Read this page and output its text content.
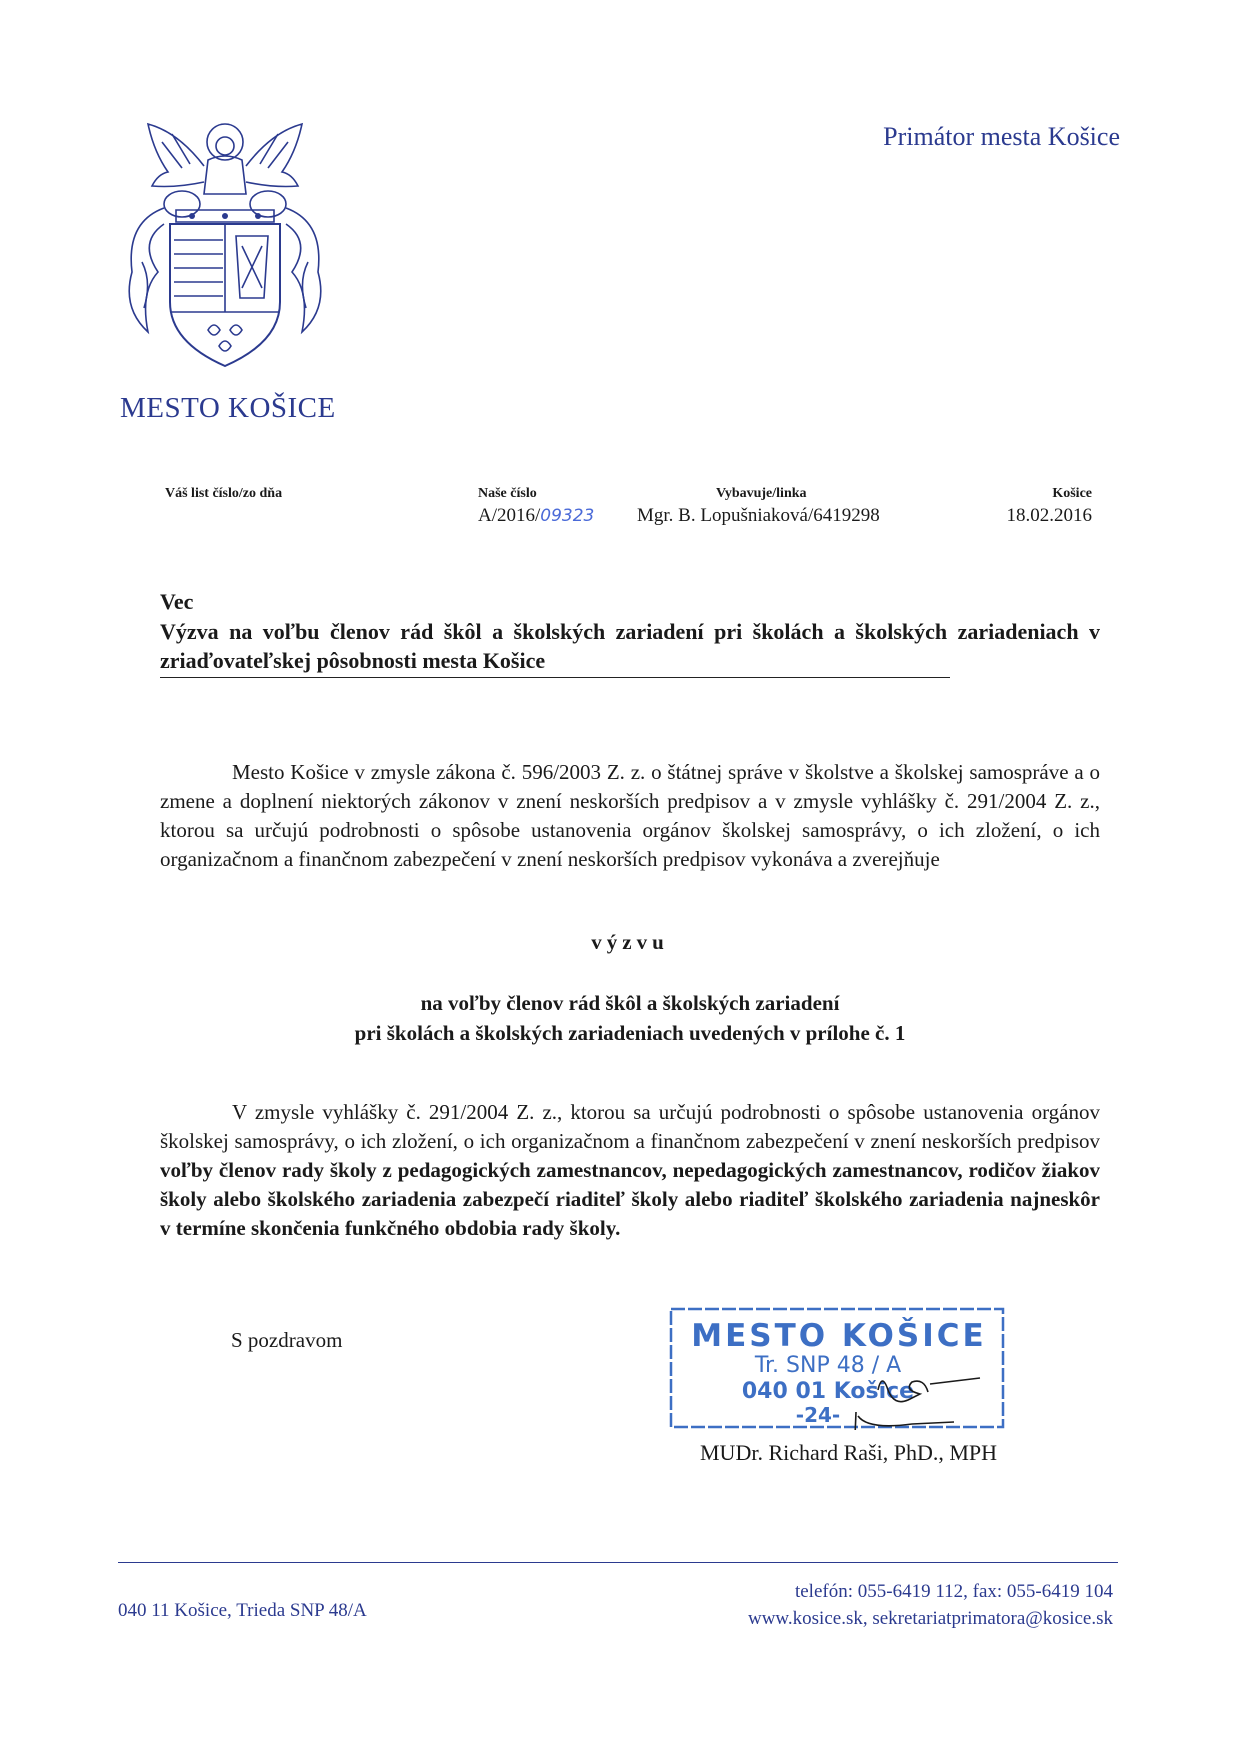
MESTO KOŠICE
Primátor mesta Košice
Váš list číslo/zo dňa	Naše číslo
A/2016/09323
Vybavuje/linka
Mgr. B. Lopušniaková/6419298
Košice
18.02.2016
Vec
Výzva na voľbu členov rád škôl a školských zariadení pri školách a školských zariadeniach v zriaďovateľskej pôsobnosti mesta Košice
Mesto Košice v zmysle zákona č. 596/2003 Z. z. o štátnej správe v školstve a školskej samospráve a o zmene a doplnení niektorých zákonov v znení neskorších predpisov a v zmysle vyhlášky č. 291/2004 Z. z., ktorou sa určujú podrobnosti o spôsobe ustanovenia orgánov školskej samosprávy, o ich zložení, o ich organizačnom a finančnom zabezpečení v znení neskorších predpisov vykonáva a zverejňuje
výzvu
na voľby členov rád škôl a školských zariadení
pri školách a školských zariadeniach uvedených v prílohe č. 1
V zmysle vyhlášky č. 291/2004 Z. z., ktorou sa určujú podrobnosti o spôsobe ustanovenia orgánov školskej samosprávy, o ich zložení, o ich organizačnom a finančnom zabezpečení v znení neskorších predpisov voľby členov rady školy z pedagogických zamestnancov, nepedagogických zamestnancov, rodičov žiakov školy alebo školského zariadenia zabezpečí riaditeľ školy alebo riaditeľ školského zariadenia najneskôr v termíne skončenia funkčného obdobia rady školy.
S pozdravom	MESTO KOŠICE
Tr. SNP 48 / A
040 01 Košice
-24-
MUDr. Richard Raši, PhD., MPH
040 11 Košice, Trieda SNP 48/A
telefón: 055-6419 112, fax: 055-6419 104
www.kosice.sk, sekretariatprimatora@kosice.sk
